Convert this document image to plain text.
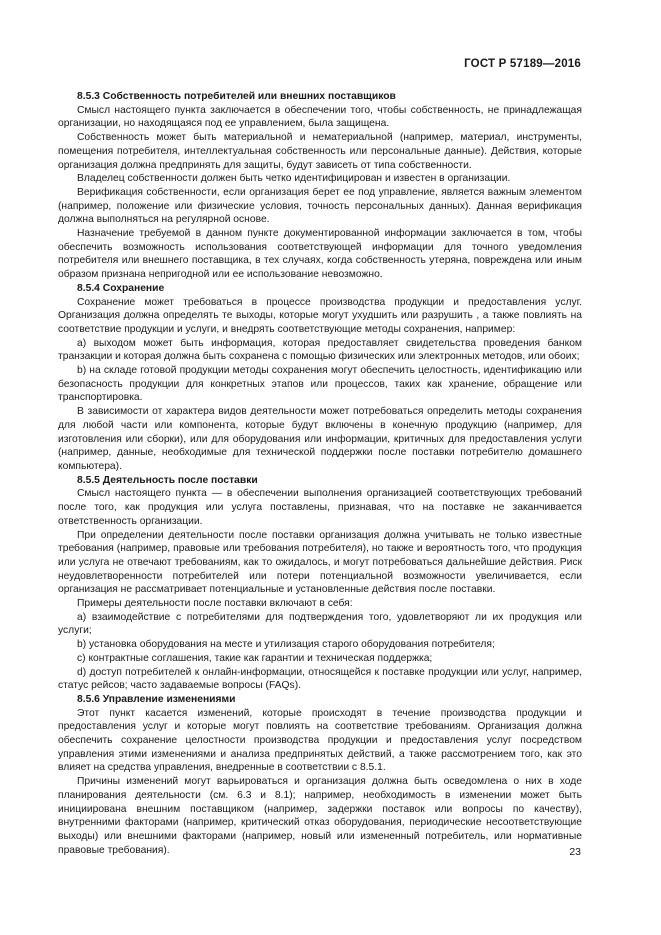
ГОСТ Р 57189—2016
8.5.3 Собственность потребителей или внешних поставщиков

Смысл настоящего пункта заключается в обеспечении того, чтобы собственность, не принадлежащая организации, но находящаяся под ее управлением, была защищена.

Собственность может быть материальной и нематериальной (например, материал, инструменты, помещения потребителя, интеллектуальная собственность или персональные данные). Действия, которые организация должна предпринять для защиты, будут зависеть от типа собственности.

Владелец собственности должен быть четко идентифицирован и известен в организации.

Верификация собственности, если организация берет ее под управление, является важным элементом (например, положение или физические условия, точность персональных данных). Данная верификация должна выполняться на регулярной основе.

Назначение требуемой в данном пункте документированной информации заключается в том, чтобы обеспечить возможность использования соответствующей информации для точного уведомления потребителя или внешнего поставщика, в тех случаях, когда собственность утеряна, повреждена или иным образом признана непригодной или ее использование невозможно.

8.5.4 Сохранение

Сохранение может требоваться в процессе производства продукции и предоставления услуг. Организация должна определять те выходы, которые могут ухудшить или разрушить , а также повлиять на соответствие продукции и услуги, и внедрять соответствующие методы сохранения, например:

а) выходом может быть информация, которая предоставляет свидетельства проведения банком транзакции и которая должна быть сохранена с помощью физических или электронных методов, или обоих;

b) на складе готовой продукции методы сохранения могут обеспечить целостность, идентификацию или безопасность продукции для конкретных этапов или процессов, таких как хранение, обращение или транспортировка.

В зависимости от характера видов деятельности может потребоваться определить методы сохранения для любой части или компонента, которые будут включены в конечную продукцию (например, для изготовления или сборки), или для оборудования или информации, критичных для предоставления услуги (например, данные, необходимые для технической поддержки после поставки потребителю домашнего компьютера).

8.5.5 Деятельность после поставки

Смысл настоящего пункта — в обеспечении выполнения организацией соответствующих требований после того, как продукция или услуга поставлены, признавая, что на поставке не заканчивается ответственность организации.

При определении деятельности после поставки организация должна учитывать не только известные требования (например, правовые или требования потребителя), но также и вероятность того, что продукция или услуга не отвечают требованиям, как то ожидалось, и могут потребоваться дальнейшие действия. Риск неудовлетворенности потребителей или потери потенциальной возможности увеличивается, если организация не рассматривает потенциальные и установленные действия после поставки.

Примеры деятельности после поставки включают в себя:

а) взаимодействие с потребителями для подтверждения того, удовлетворяют ли их продукция или услуги;

b) установка оборудования на месте и утилизация старого оборудования потребителя;

c) контрактные соглашения, такие как гарантии и техническая поддержка;

d) доступ потребителей к онлайн-информации, относящейся к поставке продукции или услуг, например, статус рейсов; часто задаваемые вопросы (FAQs).

8.5.6 Управление изменениями

Этот пункт касается изменений, которые происходят в течение производства продукции и предоставления услуг и которые могут повлиять на соответствие требованиям. Организация должна обеспечить сохранение целостности производства продукции и предоставления услуг посредством управления этими изменениями и анализа предпринятых действий, а также рассмотрением того, как это влияет на средства управления, внедренные в соответствии с 8.5.1.

Причины изменений могут варьироваться и организация должна быть осведомлена о них в ходе планирования деятельности (см. 6.3 и 8.1); например, необходимость в изменении может быть инициирована внешним поставщиком (например, задержки поставок или вопросы по качеству), внутренними факторами (например, критический отказ оборудования, периодические несоответствующие выходы) или внешними факторами (например, новый или измененный потребитель, или нормативные правовые требования).	23
